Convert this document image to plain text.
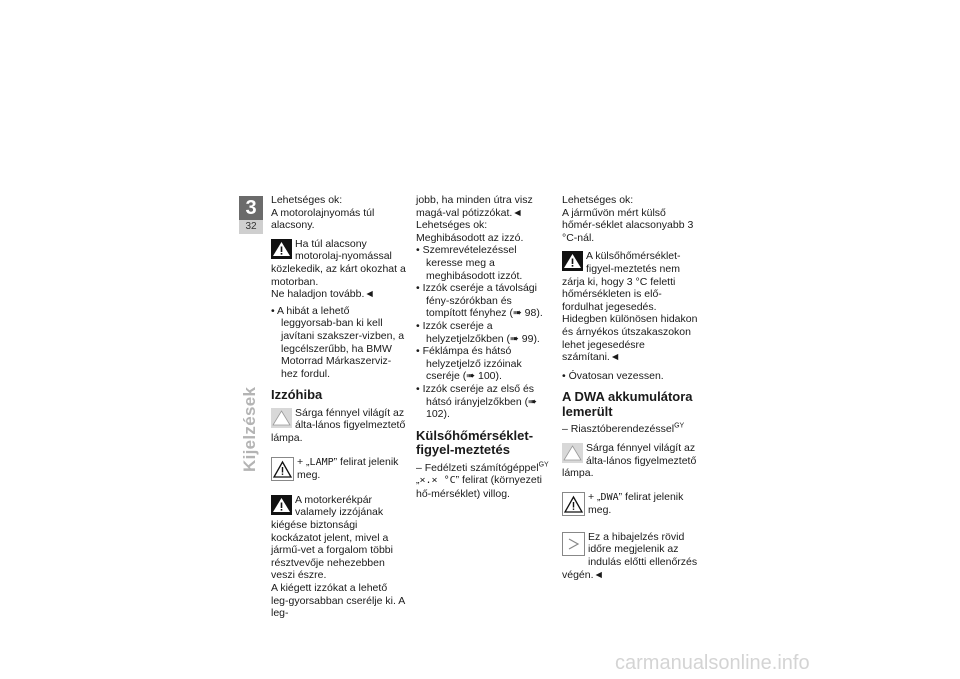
3
32
Kijelzések

Lehetséges ok:

A motorolajnyomás túl alacsony.

Ha túl alacsony motorolaj-nyomással közlekedik, az kárt okozhat a motorban.

Ne haladjon tovább.◄

• A hibát a lehető leggyorsab-ban ki kell javítani szakszer-vizben, a legcélszerűbb, ha BMW Motorrad Márkaszerviz-hez fordul.

Izzóhiba
Sárga fénnyel világít az álta-lános figyelmeztető lámpa.
+ „LAMP” felirat jelenik meg.
A motorkerékpár valamely izzójának kiégése biztonsági kockázatot jelent, mivel a jármű-vet a forgalom többi résztvevője nehezebben veszi észre.

A kiégett izzókat a lehető leg-gyorsabban cserélje ki. A leg-

jobb, ha minden útra visz magá-val pótizzókat.◄

Lehetséges ok:

Meghibásodott az izzó.

• Szemrevételezéssel keresse meg a meghibásodott izzót.

• Izzók cseréje a távolsági fény-szórókban és tompított fényhez (➠ 98).

• Izzók cseréje a helyzetjelzőkben (➠ 99).

• Féklámpa és hátsó helyzetjelző izzóinak cseréje (➠ 100).

• Izzók cseréje az első és hátsó irányjelzőkben (➠ 102).

Külsőhőmérséklet-figyel-meztetés

– Fedélzeti számítógéppel$^{GY}$

„×.× °C” felirat (környezeti hő-mérséklet) villog.

Lehetséges ok:

A járművön mért külső hőmér-séklet alacsonyabb 3 °C-nál.

A külsőhőmérséklet-figyel-meztetés nem zárja ki, hogy 3 °C feletti hőmérsékleten is elő-fordulhat jegesedés.

Hidegben különösen hidakon és árnyékos útszakaszokon lehet jegesedésre számítani.◄

• Óvatosan vezessen.

A DWA akkumulátora lemerült

– Riasztóberendezéssel$^{GY}$

Sárga fénnyel világít az álta-lános figyelmeztető lámpa.
+ „DWA” felirat jelenik meg.
Ez a hibajelzés rövid időre megjelenik az indulás előtti ellenőrzés végén.◄
carmanualsonline.info
